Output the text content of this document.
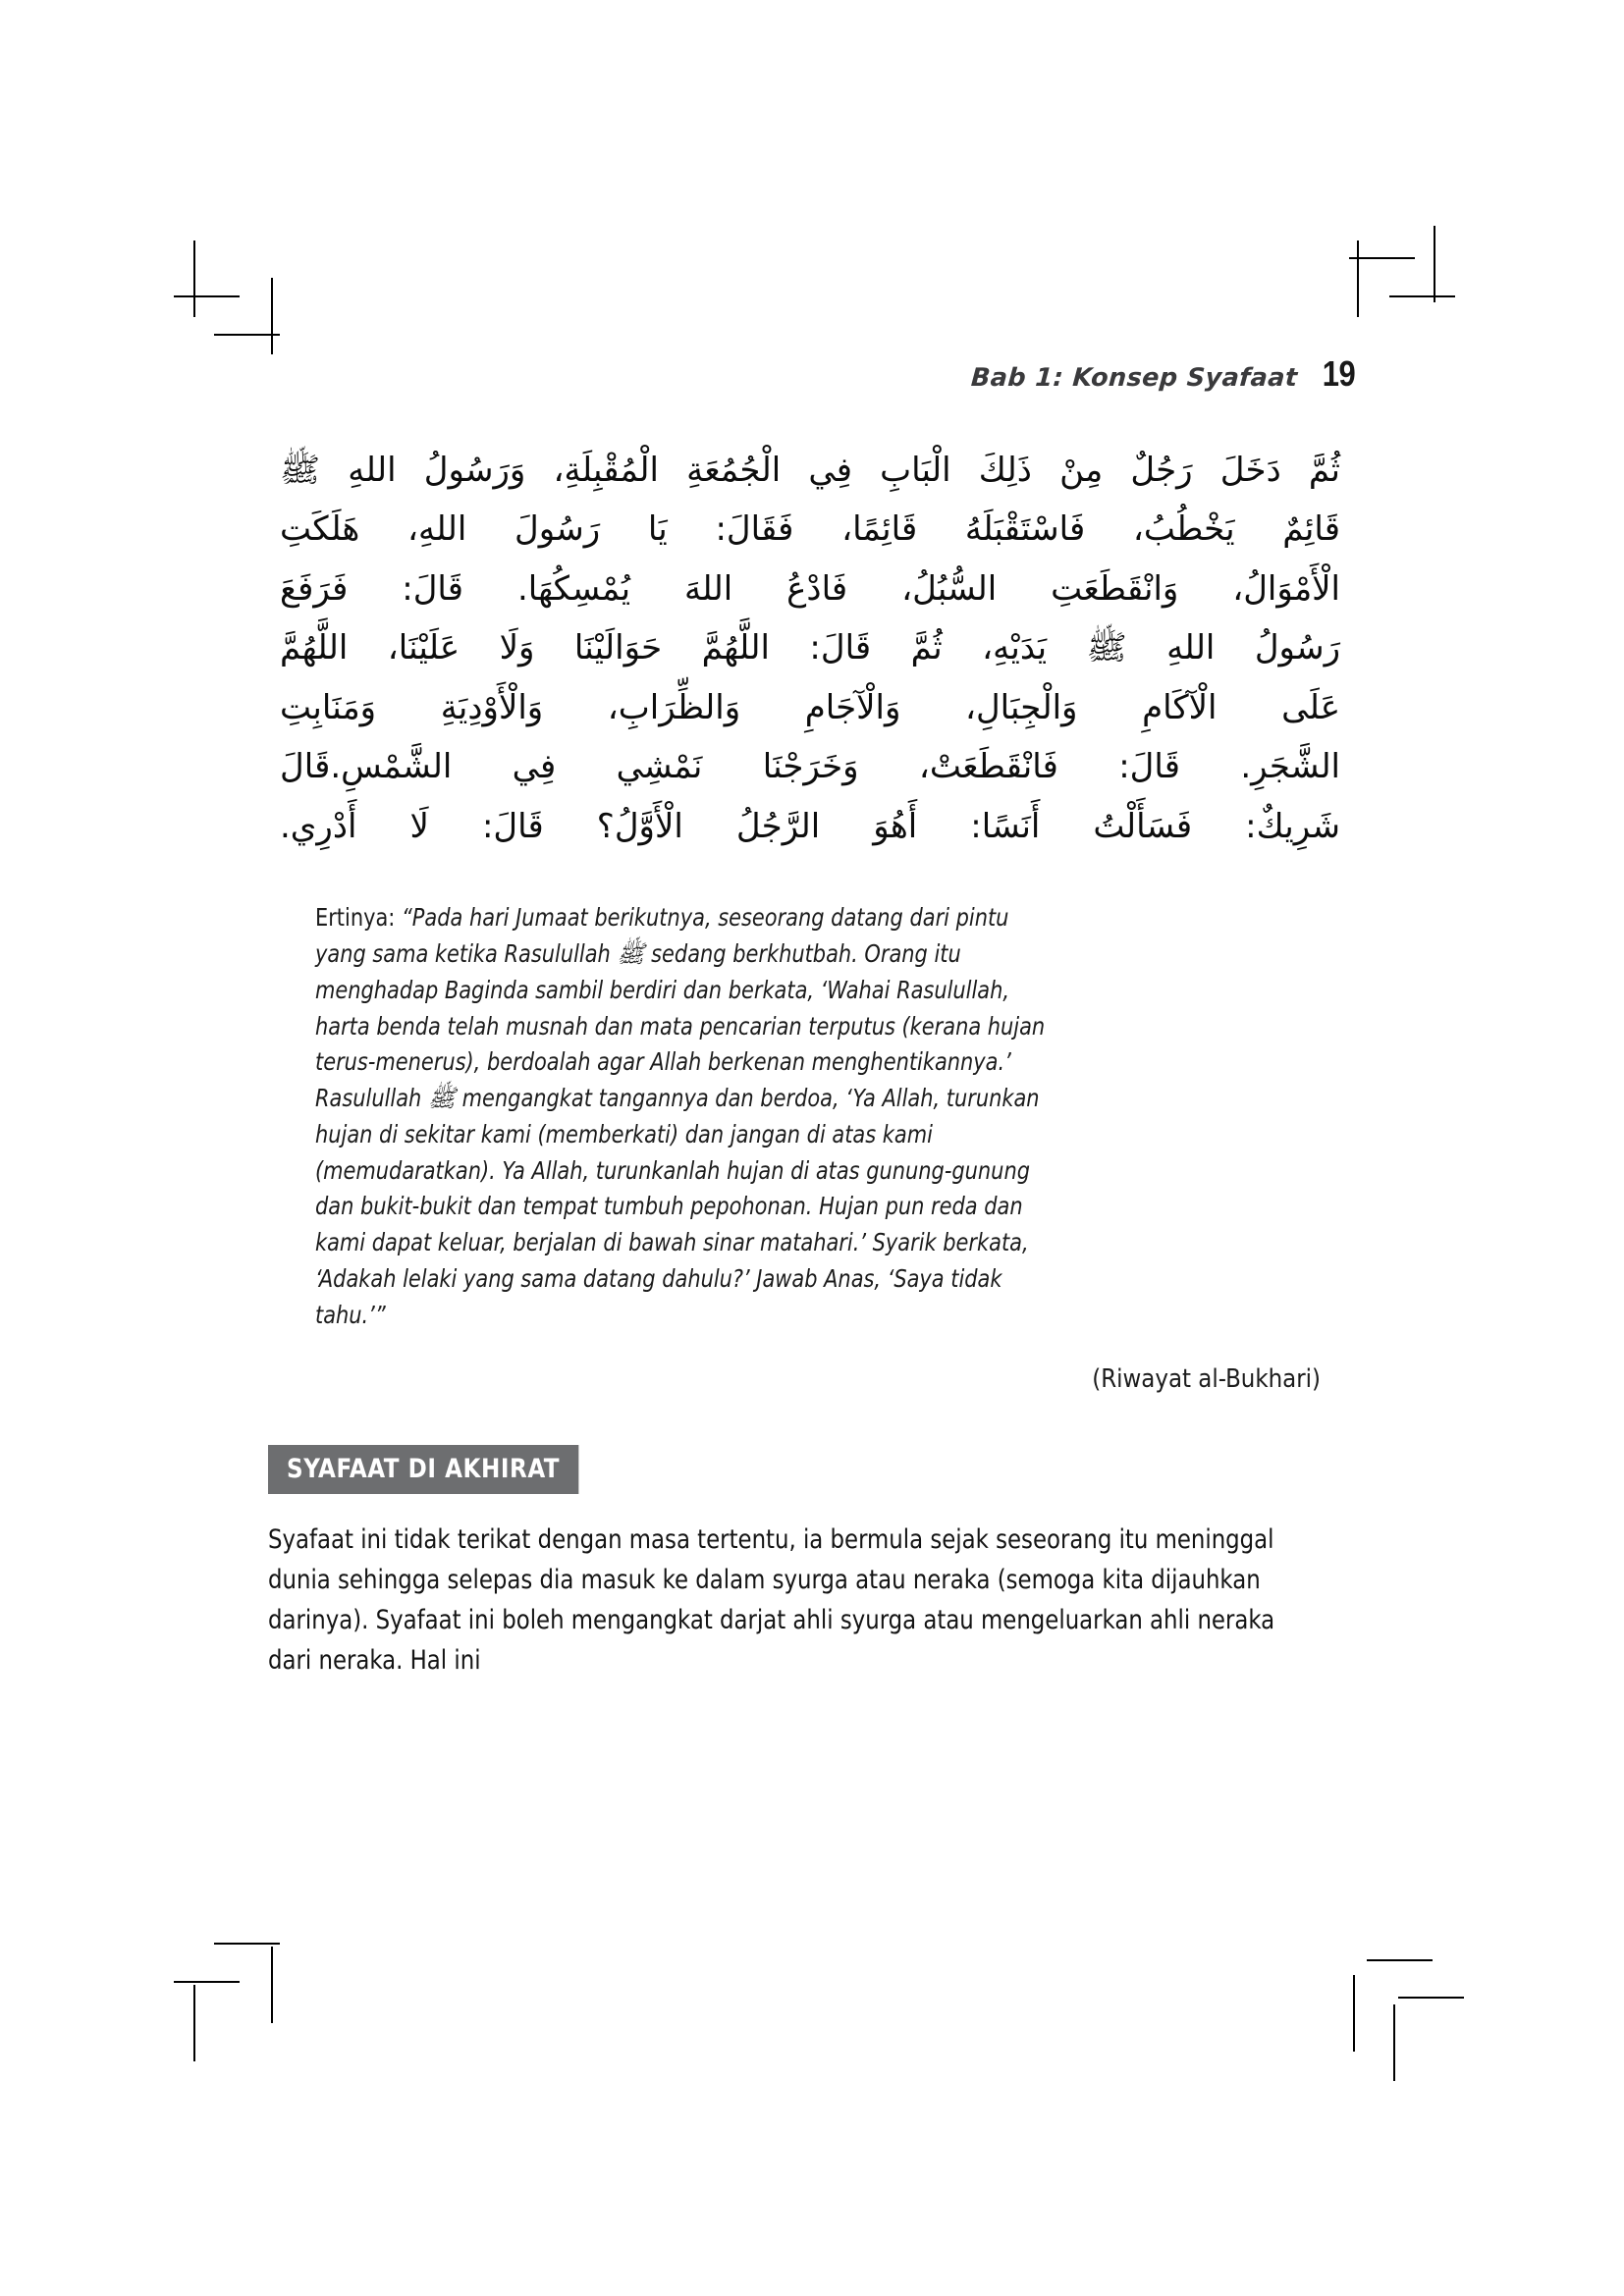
Bab 1: Konsep Syafaat 19
ثُمَّ دَخَلَ رَجُلٌ مِنْ ذَلِكَ الْبَابِ فِي الْجُمُعَةِ الْمُقْبِلَةِ، وَرَسُولُ اللهِ ﷺ
قَائِمٌ يَخْطُبُ، فَاسْتَقْبَلَهُ قَائِمًا، فَقَالَ: يَا رَسُولَ اللهِ، هَلَكَتِ
الْأَمْوَالُ، وَانْقَطَعَتِ السُّبُلُ، فَادْعُ اللهَ يُمْسِكُهَا. قَالَ: فَرَفَعَ
رَسُولُ اللهِ ﷺ يَدَيْهِ، ثُمَّ قَالَ: اللَّهُمَّ حَوَالَيْنَا وَلَا عَلَيْنَا، اللَّهُمَّ
عَلَى الْآكَامِ وَالْجِبَالِ، وَالْآجَامِ وَالظِّرَابِ، وَالْأَوْدِيَةِ وَمَنَابِتِ
الشَّجَرِ. قَالَ: فَانْقَطَعَتْ، وَخَرَجْنَا نَمْشِي فِي الشَّمْسِ.قَالَ
شَرِيكٌ: فَسَأَلْتُ أَنَسًا: أَهُوَ الرَّجُلُ الْأَوَّلُ؟ قَالَ: لَا أَدْرِي.
Ertinya: “Pada hari Jumaat berikutnya, seseorang datang dari pintu yang sama ketika Rasulullah ﷺ sedang berkhutbah. Orang itu menghadap Baginda sambil berdiri dan berkata, ‘Wahai Rasulullah, harta benda telah musnah dan mata pencarian terputus (kerana hujan terus-menerus), berdoalah agar Allah berkenan menghentikannya.’ Rasulullah ﷺ mengangkat tangannya dan berdoa, ‘Ya Allah, turunkan hujan di sekitar kami (memberkati) dan jangan di atas kami (memudaratkan). Ya Allah, turunkanlah hujan di atas gunung-gunung dan bukit-bukit dan tempat tumbuh pepohonan. Hujan pun reda dan kami dapat keluar, berjalan di bawah sinar matahari.’ Syarik berkata, ‘Adakah lelaki yang sama datang dahulu?’ Jawab Anas, ‘Saya tidak tahu.’”
(Riwayat al-Bukhari)
SYAFAAT DI AKHIRAT
Syafaat ini tidak terikat dengan masa tertentu, ia bermula sejak seseorang itu meninggal dunia sehingga selepas dia masuk ke dalam syurga atau neraka (semoga kita dijauhkan darinya). Syafaat ini boleh mengangkat darjat ahli syurga atau mengeluarkan ahli neraka dari neraka. Hal ini
